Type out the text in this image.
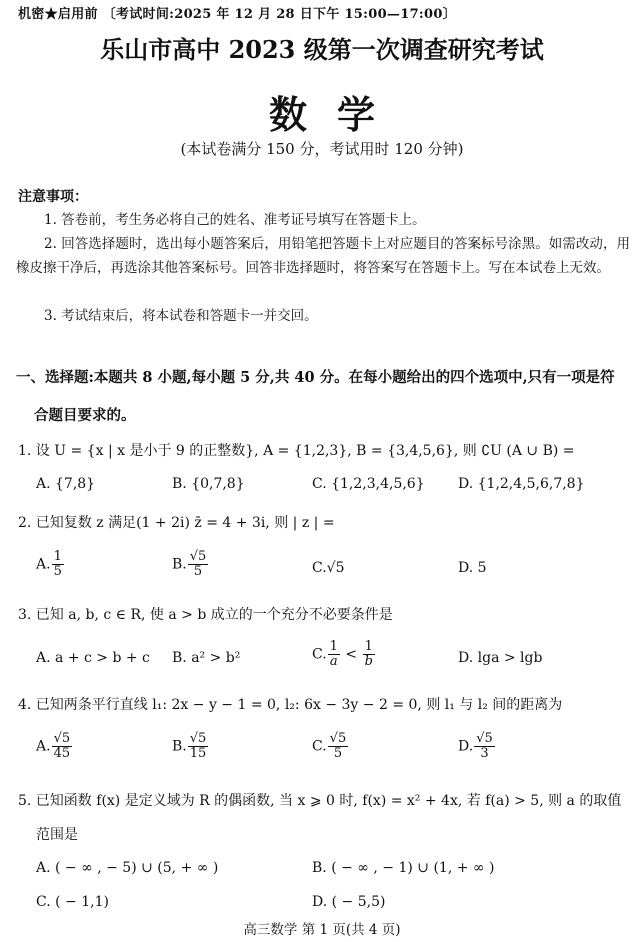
机密★启用前 〔考试时间:2025 年 12 月 28 日下午 15:00—17:00〕
乐山市高中 2023 级第一次调查研究考试
数学
(本试卷满分 150 分，考试用时 120 分钟)
注意事项：
1. 答卷前，考生务必将自己的姓名、准考证号填写在答题卡上。
2. 回答选择题时，选出每小题答案后，用铅笔把答题卡上对应题目的答案标号涂黑。如需改动，用橡皮擦干净后，再选涂其他答案标号。回答非选择题时，将答案写在答题卡上。写在本试卷上无效。
3. 考试结束后，将本试卷和答题卡一并交回。
一、选择题:本题共 8 小题,每小题 5 分,共 40 分。在每小题给出的四个选项中,只有一项是符
合题目要求的。
1. 设 U = {x | x 是小于 9 的正整数}, A = {1,2,3}, B = {3,4,5,6}, 则 ∁U (A ∪ B) =
A. {7,8}	B. {0,7,8}	C. {1,2,3,4,5,6} D. {1,2,4,5,6,7,8}
2. 已知复数 z 满足(1 + 2i) z̄ = 4 + 3i, 则 | z | =
A. $\frac{1}{5}$	B. $\frac{√5}{5}$	C.√5	D. 5
3. 已知 a, b, c ∈ R, 使 a > b 成立的一个充分不必要条件是
A. a + c > b + c B. a² > b²	C. $\frac{1}{a} < \frac{1}{b}$	D. lga > lgb
4. 已知两条平行直线 l₁: 2x − y − 1 = 0, l₂: 6x − 3y − 2 = 0, 则 l₁ 与 l₂ 间的距离为
A. $\frac{√5}{45}$	B. $\frac{√5}{15}$	C. $\frac{√5}{5}$	D. $\frac{√5}{3}$
5. 已知函数 f(x) 是定义域为 R 的偶函数, 当 x ⩾ 0 时, f(x) = x² + 4x, 若 f(a) > 5, 则 a 的取值
范围是
A. ( − ∞ , − 5) ∪ (5, + ∞ )	B. ( − ∞ , − 1) ∪ (1, + ∞ )
C. ( − 1,1)	D. ( − 5,5)
高三数学 第 1 页(共 4 页)
